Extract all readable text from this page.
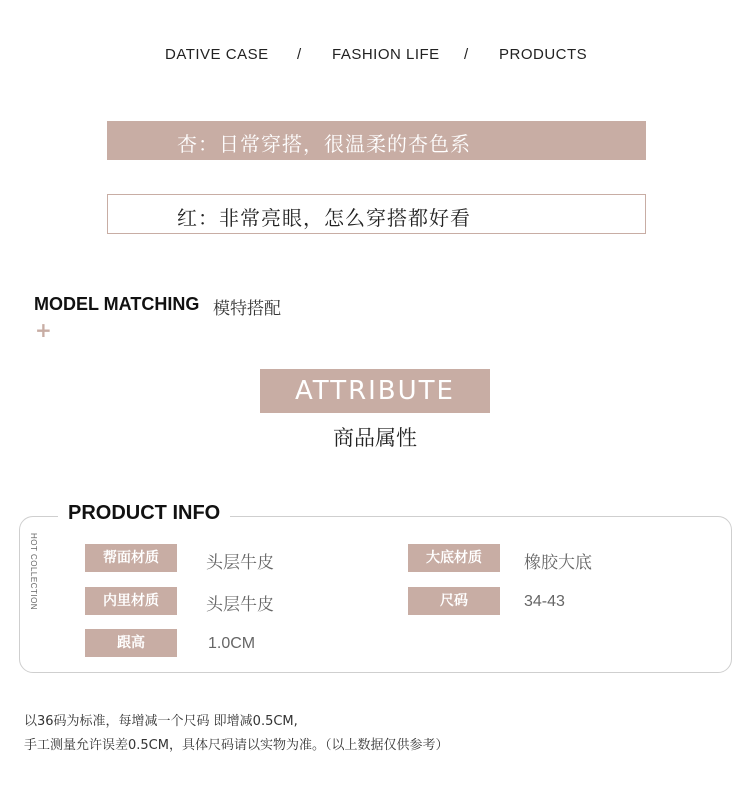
DATIVE CASE / FASHION LIFE / PRODUCTS
杏：日常穿搭，很温柔的杏色系
红：非常亮眼，怎么穿搭都好看
MODEL MATCHING 模特搭配
+
ATTRIBUTE
商品属性
PRODUCT INFO
HOT COLLECTION	帮面材质	头层牛皮	大底材质	橡胶大底
内里材质	头层牛皮	尺码	34-43
跟高	1.0CM
以36码为标准，每增减一个尺码 即增减0.5CM,
手工测量允许误差0.5CM，具体尺码请以实物为准。（以上数据仅供参考）
